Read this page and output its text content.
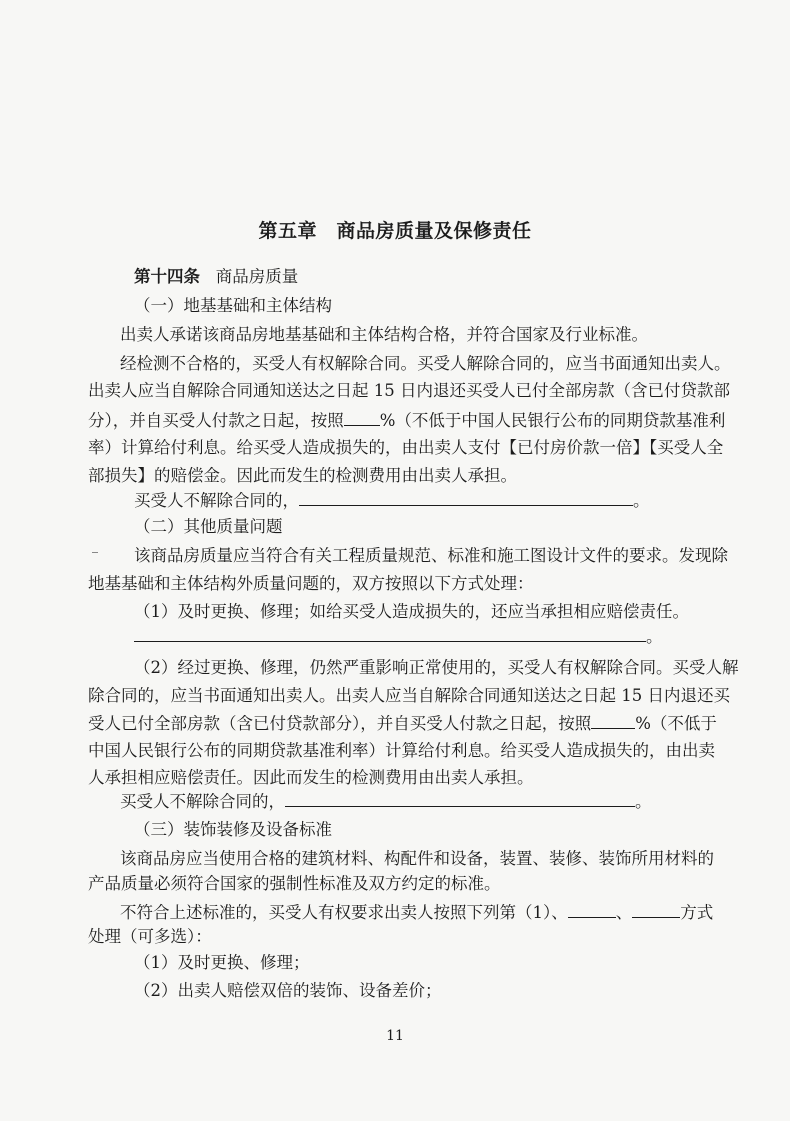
第五章　商品房质量及保修责任

第十四条 商品房质量

（一）地基基础和主体结构

出卖人承诺该商品房地基基础和主体结构合格，并符合国家及行业标准。

经检测不合格的，买受人有权解除合同。买受人解除合同的，应当书面通知出卖人。

出卖人应当自解除合同通知送达之日起 15 日内退还买受人已付全部房款（含已付贷款部

分），并自买受人付款之日起，按照 %（不低于中国人民银行公布的同期贷款基准利

率）计算给付利息。给买受人造成损失的，由出卖人支付【已付房价款一倍】【买受人全

部损失】的赔偿金。因此而发生的检测费用由出卖人承担。

买受人不解除合同的，	。

（二）其他质量问题

该商品房质量应当符合有关工程质量规范、标准和施工图设计文件的要求。发现除

地基基础和主体结构外质量问题的，双方按照以下方式处理：

（1）及时更换、修理；如给买受人造成损失的，还应当承担相应赔偿责任。

。

（2）经过更换、修理，仍然严重影响正常使用的，买受人有权解除合同。买受人解

除合同的，应当书面通知出卖人。出卖人应当自解除合同通知送达之日起 15 日内退还买

受人已付全部房款（含已付贷款部分），并自买受人付款之日起，按照	%（不低于

中国人民银行公布的同期贷款基准利率）计算给付利息。给买受人造成损失的，由出卖

人承担相应赔偿责任。因此而发生的检测费用由出卖人承担。

买受人不解除合同的，	。

（三）装饰装修及设备标准

该商品房应当使用合格的建筑材料、构配件和设备，装置、装修、装饰所用材料的

产品质量必须符合国家的强制性标准及双方约定的标准。

不符合上述标准的，买受人有权要求出卖人按照下列第（1）、	、	方式

处理（可多选）：

（1）及时更换、修理；

（2）出卖人赔偿双倍的装饰、设备差价；

11
